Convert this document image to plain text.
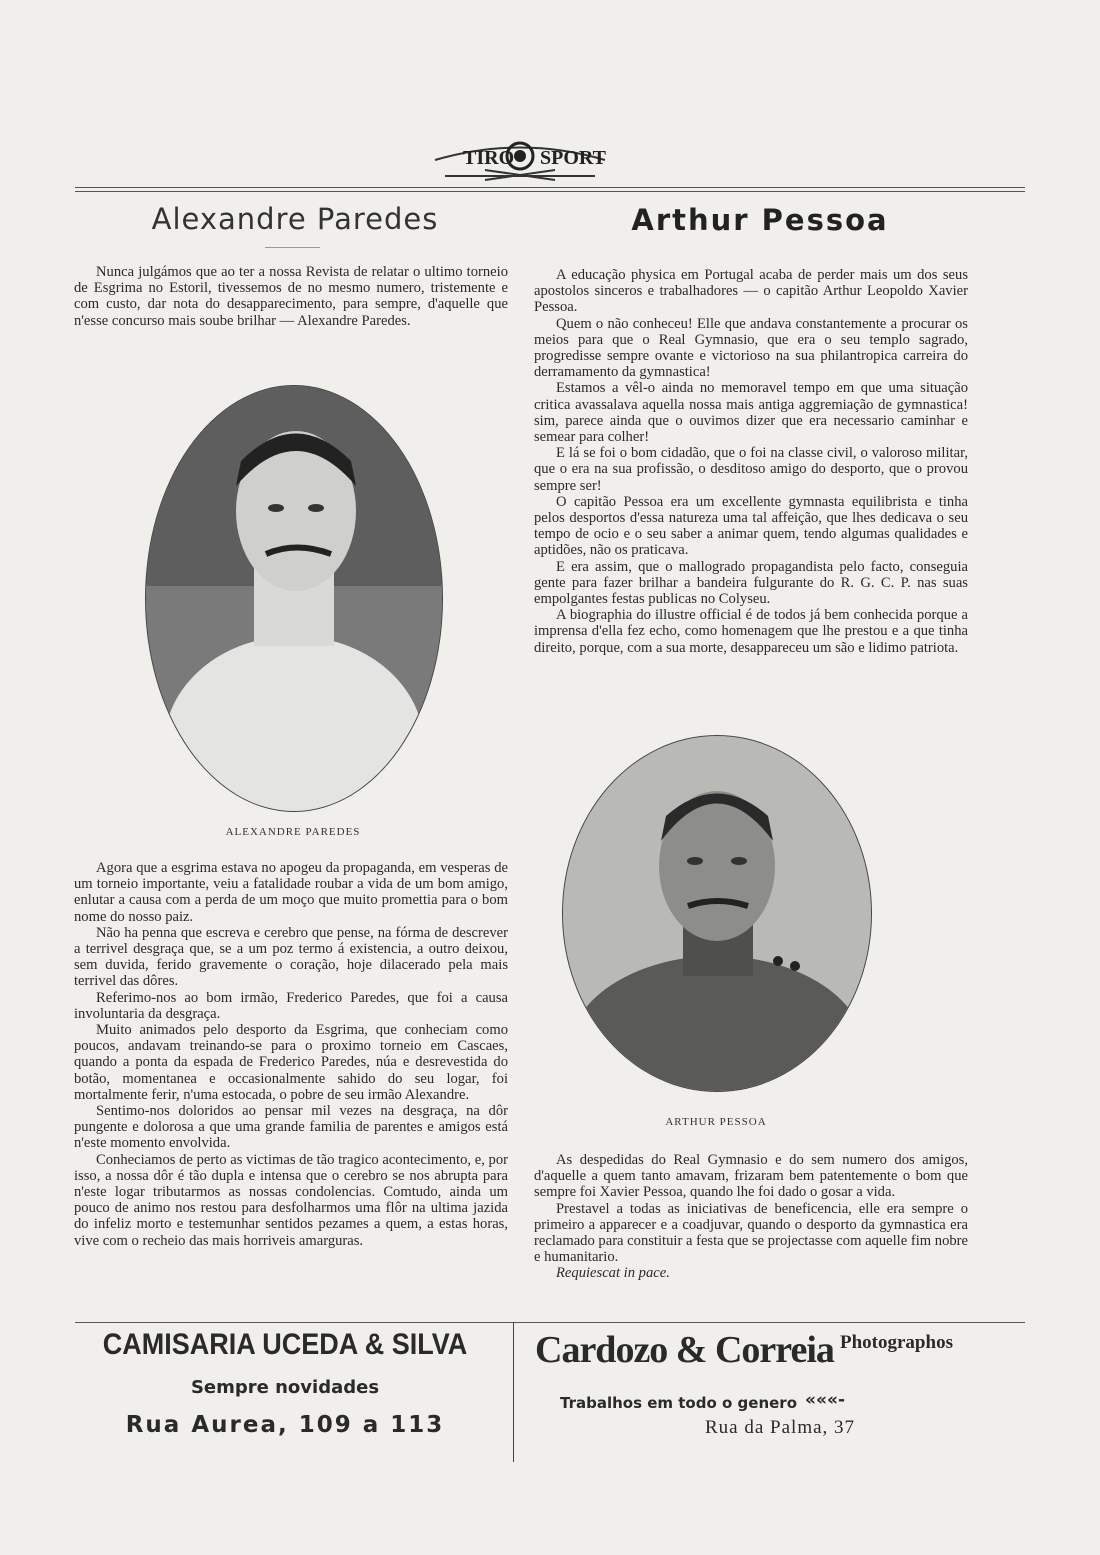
TIRO SPORT
Alexandre Paredes	Arthur Pessoa

Nunca julgámos que ao ter a nossa Revista de relatar o ultimo torneio de Esgrima no Estoril, tivessemos de no mesmo numero, tristemente e com custo, dar nota do desapparecimento, para sempre, d'aquelle que n'esse concurso mais soube brilhar — Alexandre Paredes.

ALEXANDRE PAREDES

Agora que a esgrima estava no apogeu da propaganda, em vesperas de um torneio importante, veiu a fatalidade roubar a vida de um bom amigo, enlutar a causa com a perda de um moço que muito promettia para o bom nome do nosso paiz.

Não ha penna que escreva e cerebro que pense, na fórma de descrever a terrivel desgraça que, se a um poz termo á existencia, a outro deixou, sem duvida, ferido gravemente o coração, hoje dilacerado pela mais terrivel das dôres.

Referimo-nos ao bom irmão, Frederico Paredes, que foi a causa involuntaria da desgraça.

Muito animados pelo desporto da Esgrima, que conheciam como poucos, andavam treinando-se para o proximo torneio em Cascaes, quando a ponta da espada de Frederico Paredes, núa e desrevestida do botão, momentanea e occasionalmente sahido do seu logar, foi mortalmente ferir, n'uma estocada, o pobre de seu irmão Alexandre.

Sentimo-nos doloridos ao pensar mil vezes na desgraça, na dôr pungente e dolorosa a que uma grande familia de parentes e amigos está n'este momento envolvida.

Conheciamos de perto as victimas de tão tragico acontecimento, e, por isso, a nossa dôr é tão dupla e intensa que o cerebro se nos abrupta para n'este logar tributarmos as nossas condolencias. Comtudo, ainda um pouco de animo nos restou para desfolharmos uma flôr na ultima jazida do infeliz morto e testemunhar sentidos pezames a quem, a estas horas, vive com o recheio das mais horriveis amarguras.

A educação physica em Portugal acaba de perder mais um dos seus apostolos sinceros e trabalhadores — o capitão Arthur Leopoldo Xavier Pessoa.

Quem o não conheceu! Elle que andava constantemente a procurar os meios para que o Real Gymnasio, que era o seu templo sagrado, progredisse sempre ovante e victorioso na sua philantropica carreira do derramamento da gymnastica!

Estamos a vêl-o ainda no memoravel tempo em que uma situação critica avassalava aquella nossa mais antiga aggremiação de gymnastica! sim, parece ainda que o ouvimos dizer que era necessario caminhar e semear para colher!

E lá se foi o bom cidadão, que o foi na classe civil, o valoroso militar, que o era na sua profissão, o desditoso amigo do desporto, que o provou sempre ser!

O capitão Pessoa era um excellente gymnasta equilibrista e tinha pelos desportos d'essa natureza uma tal affeição, que lhes dedicava o seu tempo de ocio e o seu saber a animar quem, tendo algumas qualidades e aptidões, não os praticava.

E era assim, que o mallogrado propagandista pelo facto, conseguia gente para fazer brilhar a bandeira fulgurante do R. G. C. P. nas suas empolgantes festas publicas no Colyseu.

A biographia do illustre official é de todos já bem conhecida porque a imprensa d'ella fez echo, como homenagem que lhe prestou e a que tinha direito, porque, com a sua morte, desappareceu um são e lidimo patriota.

ARTHUR PESSOA

As despedidas do Real Gymnasio e do sem numero dos amigos, d'aquelle a quem tanto amavam, frizaram bem patentemente o bom que sempre foi Xavier Pessoa, quando lhe foi dado o gosar a vida.

Prestavel a todas as iniciativas de beneficencia, elle era sempre o primeiro a apparecer e a coadjuvar, quando o desporto da gymnastica era reclamado para constituir a festa que se projectasse com aquelle fim nobre e humanitario.

Requiescat in pace.

CAMISARIA UCEDA & SILVA
Sempre novidades
Rua Aurea, 109 a 113
Cardozo & Correia Photographos
Trabalhos em todo o genero «««-
Rua da Palma, 37
